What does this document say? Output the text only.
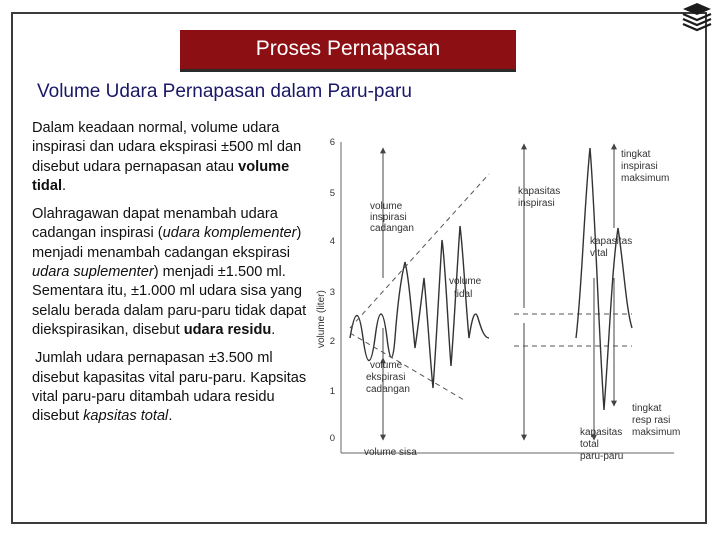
Proses Pernapasan
Volume Udara Pernapasan dalam Paru-paru

Dalam keadaan normal, volume udara inspirasi dan udara ekspirasi ±500 ml dan disebut udara pernapasan atau volume tidal.

Olahragawan dapat menambah udara cadangan inspirasi (udara komplementer) menjadi menambah cadangan ekspirasi udara suplementer) menjadi ±1.500 ml. Sementara itu, ±1.000 ml udara sisa yang selalu berada dalam paru-paru tidak dapat diekspirasikan, disebut udara residu.

Jumlah udara pernapasan ±3.500 ml disebut kapasitas vital paru-paru. Kapsitas vital paru-paru ditambah udara residu disebut kapsitas total.

6
5
4
3
2
1
0
volume (liter)
volume
inspirasi
cadangan
volume
tidal
volume
ekspirasi
cadangan
kapasitas
inspirasi
kapasitas
vital
tingkat
inspirasi
maksimum
tingkat
resp rasi
maksimum
kapasitas
total
paru-paru
volume sisa
